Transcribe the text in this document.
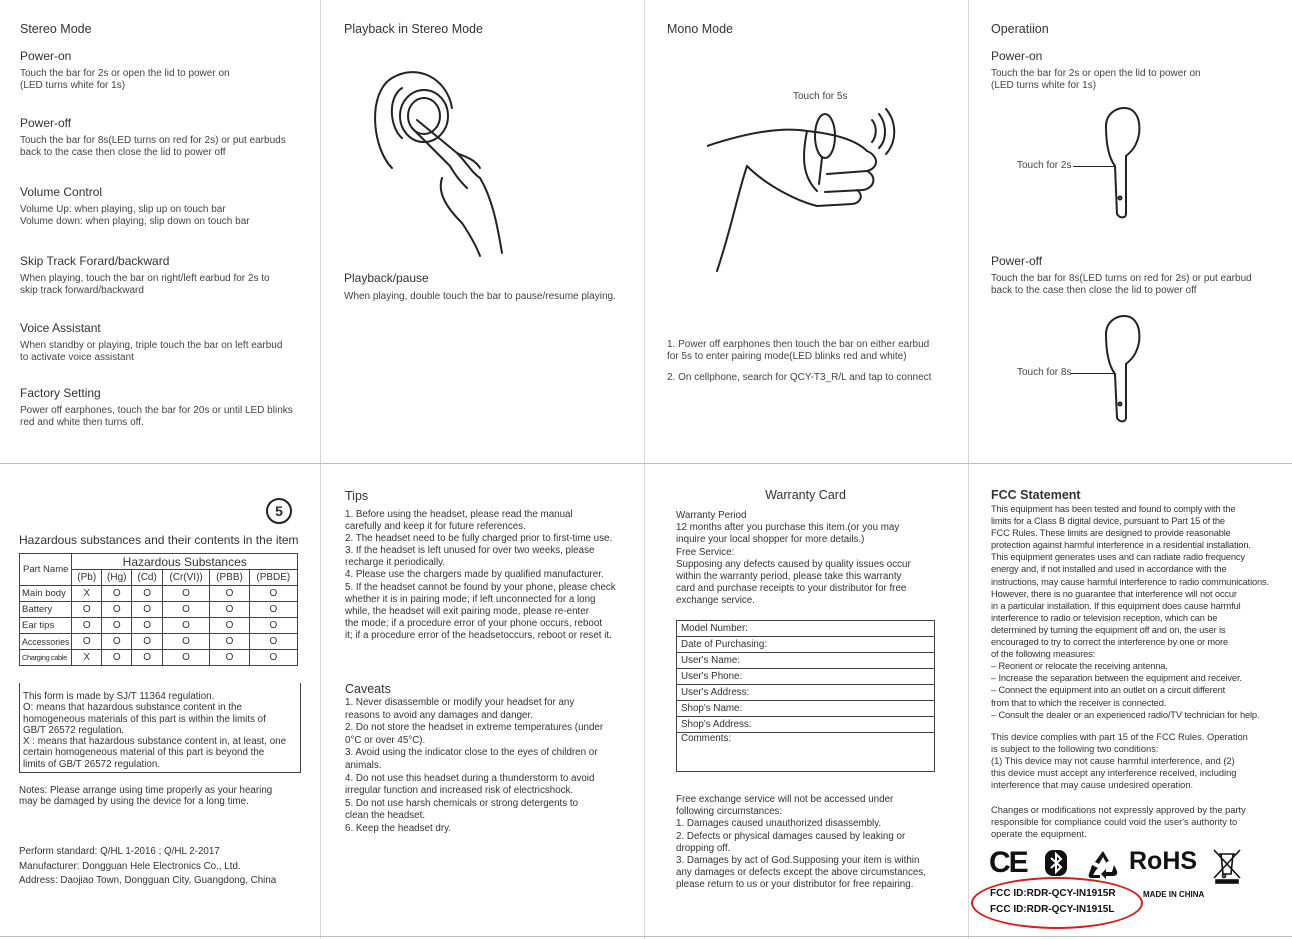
Stereo Mode
Power-on
Touch the bar for 2s or open the lid to power on
(LED turns white for 1s)
Power-off
Touch the bar for 8s(LED turns on red for 2s) or put earbuds
back to the case then close the lid to power off
Volume Control
Volume Up: when playing, slip up on touch bar
Volume down: when playing, slip down on touch bar
Skip Track Forard/backward
When playing, touch the bar on right/left earbud for 2s to
skip track forward/backward
Voice Assistant
When standby or playing, triple touch the bar on left earbud
to activate voice assistant
Factory Setting
Power off earphones, touch the bar for 20s or until LED blinks
red and white then turns off.
Playback in Stereo Mode
Playback/pause
When playing, double touch the bar to pause/resume playing.
Mono Mode
Touch for 5s
1. Power off earphones then touch the bar on either earbud
for 5s to enter pairing mode(LED blinks red and white)
2. On cellphone, search for QCY-T3_R/L and tap to connect
Operatiion
Power-on
Touch the bar for 2s or open the lid to power on
(LED turns white for 1s)
Touch for 2s
Power-off
Touch the bar for 8s(LED turns on red for 2s) or put earbud
back to the case then close the lid to power off
Touch for 8s
5
Hazardous substances and their contents in the item
Part Name	Hazardous Substances					
	(Pb)	(Hg)	(Cd)	(Cr(VI))	(PBB)	(PBDE)
Main body	X	O	O	O	O	O
Battery	O	O	O	O	O	O
Ear tips	O	O	O	O	O	O
Accessories	O	O	O	O	O	O
Charging cable	X	O	O	O	O	O
This form is made by SJ/T 11364 regulation.
O: means that hazardous substance content in the
homogeneous materials of this part is within the limits of
GB/T 26572 regulation.
X : means that hazardous substance content in, at least, one
certain homogeneous material of this part is beyond the
limits of GB/T 26572 regulation.
Notes: Please arrange using time properly as your hearing
may be damaged by using the device for a long time.
Perform standard: Q/HL 1-2016 ; Q/HL 2-2017
Manufacturer: Dongguan Hele Electronics Co., Ltd.
Address: Daojiao Town, Dongguan City, Guangdong, China
Tips
1. Before using the headset, please read the manual
carefully and keep it for future references.
2. The headset need to be fully charged prior to first-time use.
3. If the headset is left unused for over two weeks, please
recharge it periodically.
4. Please use the chargers made by qualified manufacturer.
5. If the headset cannot be found by your phone, please check
whether it is in pairing mode; if left unconnected for a long
while, the headset will exit pairing mode, please re-enter
the mode; if a procedure error of your phone occurs, reboot
it; if a procedure error of the headsetoccurs, reboot or reset it.
Caveats
1. Never disassemble or modify your headset for any
reasons to avoid any damages and danger.
2. Do not store the headset in extreme temperatures (under
0°C or over 45°C).
3. Avoid using the indicator close to the eyes of children or
animals.
4. Do not use this headset during a thunderstorm to avoid
irregular function and increased risk of electricshock.
5. Do not use harsh chemicals or strong detergents to
clean the headset.
6. Keep the headset dry.
Warranty Card
Warranty Period
12 months after you purchase this item.(or you may
inquire your local shopper for more details.)
Free Service:
Supposing any defects caused by quality issues occur
within the warranty period, please take this warranty
card and purchase receipts to your distributor for free
exchange service.
Model Number:
Date of Purchasing:
User's Name:
User's Phone:
User's Address:
Shop's Name:
Shop's Address:
Comments:
Free exchange service will not be accessed under
following circumstances:
1. Damages caused unauthorized disassembly.
2. Defects or physical damages caused by leaking or
dropping off.
3. Damages by act of God.Supposing your item is within
any damages or defects except the above circumstances,
please return to us or your distributor for free repairing.
FCC Statement
This equipment has been tested and found to comply with the
limits for a Class B digital device, pursuant to Part 15 of the
FCC Rules. These limits are designed to provide reasonable
protection against harmful interference in a residential installation.
This equipment generates uses and can radiate radio frequency
energy and, if not installed and used in accordance with the
instructions, may cause harmful interference to radio communications.
However, there is no guarantee that interference will not occur
in a particular installation. If this equipment does cause harmful
interference to radio or television reception, which can be
determined by turning the equipment off and on, the user is
encouraged to try to correct the interference by one or more
of the following measures:
– Reorient or relocate the receiving antenna.
– Increase the separation between the equipment and receiver.
– Connect the equipment into an outlet on a circuit different
from that to which the receiver is connected.
– Consult the dealer or an experienced radio/TV technician for help.
This device complies with part 15 of the FCC Rules. Operation
is subject to the following two conditions:
(1) This device may not cause harmful interference, and (2)
this device must accept any interference received, including
interference that may cause undesired operation.
Changes or modifications not expressly approved by the party
responsible for compliance could void the user's authority to
operate the equipment.
CE	RoHS
FCC ID:RDR-QCY-IN1915R	MADE IN CHINA
FCC ID:RDR-QCY-IN1915L
